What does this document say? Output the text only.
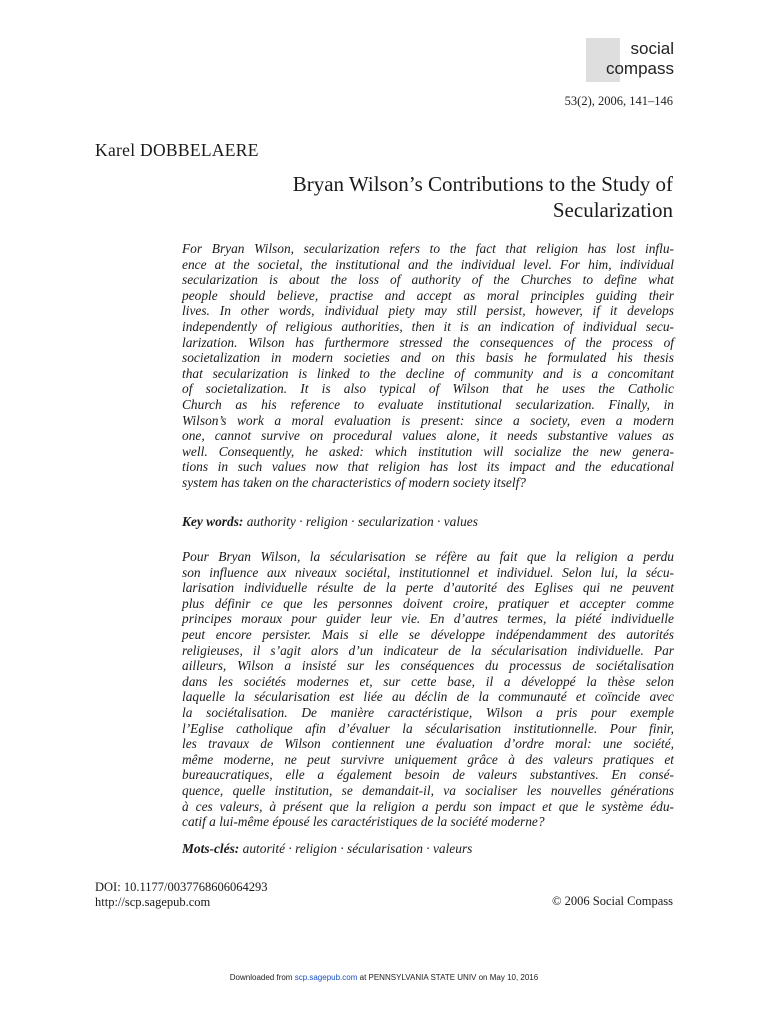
social
compass
53(2), 2006, 141–146
Karel DOBBELAERE
Bryan Wilson’s Contributions to the Study of
Secularization
For Bryan Wilson, secularization refers to the fact that religion has lost influ-
ence at the societal, the institutional and the individual level. For him, individual
secularization is about the loss of authority of the Churches to define what
people should believe, practise and accept as moral principles guiding their
lives. In other words, individual piety may still persist, however, if it develops
independently of religious authorities, then it is an indication of individual secu-
larization. Wilson has furthermore stressed the consequences of the process of
societalization in modern societies and on this basis he formulated his thesis
that secularization is linked to the decline of community and is a concomitant
of societalization. It is also typical of Wilson that he uses the Catholic
Church as his reference to evaluate institutional secularization. Finally, in
Wilson’s work a moral evaluation is present: since a society, even a modern
one, cannot survive on procedural values alone, it needs substantive values as
well. Consequently, he asked: which institution will socialize the new genera-
tions in such values now that religion has lost its impact and the educational
system has taken on the characteristics of modern society itself?
Key words: authority · religion · secularization · values
Pour Bryan Wilson, la sécularisation se réfère au fait que la religion a perdu
son influence aux niveaux sociétal, institutionnel et individuel. Selon lui, la sécu-
larisation individuelle résulte de la perte d’autorité des Eglises qui ne peuvent
plus définir ce que les personnes doivent croire, pratiquer et accepter comme
principes moraux pour guider leur vie. En d’autres termes, la piété individuelle
peut encore persister. Mais si elle se développe indépendamment des autorités
religieuses, il s’agit alors d’un indicateur de la sécularisation individuelle. Par
ailleurs, Wilson a insisté sur les conséquences du processus de sociétalisation
dans les sociétés modernes et, sur cette base, il a développé la thèse selon
laquelle la sécularisation est liée au déclin de la communauté et coïncide avec
la sociétalisation. De manière caractéristique, Wilson a pris pour exemple
l’Eglise catholique afin d’évaluer la sécularisation institutionnelle. Pour finir,
les travaux de Wilson contiennent une évaluation d’ordre moral: une société,
même moderne, ne peut survivre uniquement grâce à des valeurs pratiques et
bureaucratiques, elle a également besoin de valeurs substantives. En consé-
quence, quelle institution, se demandait-il, va socialiser les nouvelles générations
à ces valeurs, à présent que la religion a perdu son impact et que le système édu-
catif a lui-même épousé les caractéristiques de la société moderne?
Mots-clés: autorité · religion · sécularisation · valeurs
DOI: 10.1177/0037768606064293
http://scp.sagepub.com	© 2006 Social Compass
Downloaded from scp.sagepub.com at PENNSYLVANIA STATE UNIV on May 10, 2016
